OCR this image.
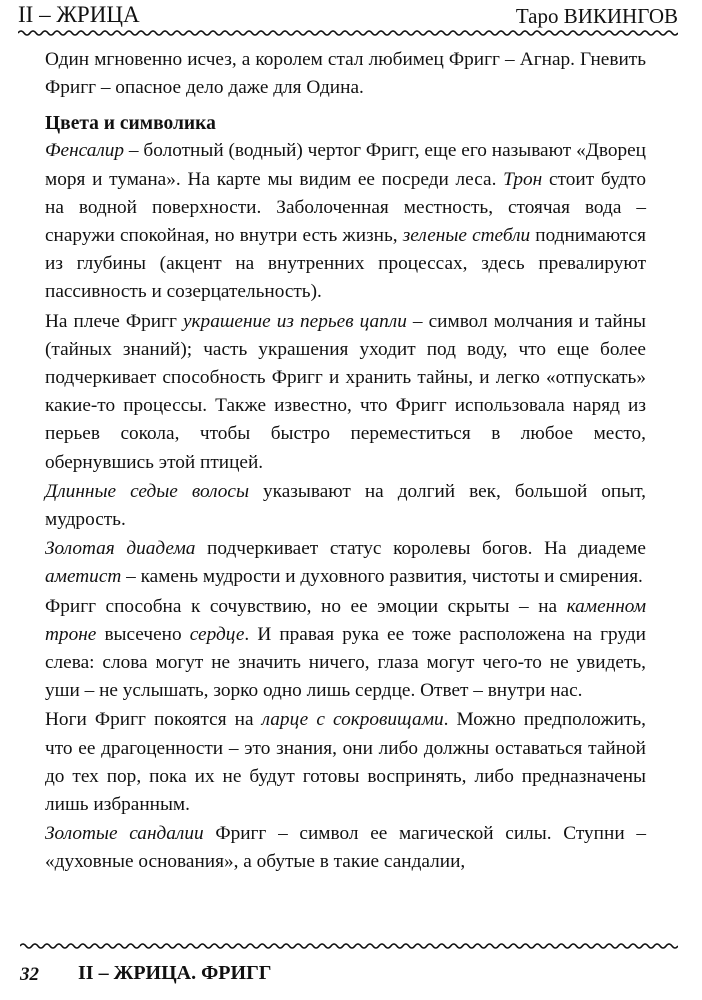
II – ЖРИЦА	Таро ВИКИНГОВ

Один мгновенно исчез, а королем стал любимец Фригг – Агнар. Гневить Фригг – опасное дело даже для Одина.

Цвета и символика

Фенсалир – болотный (водный) чертог Фригг, еще его называют «Дворец моря и тумана». На карте мы видим ее посреди леса. Трон стоит будто на водной поверхности. Заболоченная местность, стоячая вода – снаружи спокойная, но внутри есть жизнь, зеленые стебли поднимаются из глубины (акцент на внутренних процессах, здесь превалируют пассивность и созерцательность).

На плече Фригг украшение из перьев цапли – символ молчания и тайны (тайных знаний); часть украшения уходит под воду, что еще более подчеркивает способность Фригг и хранить тайны, и легко «отпускать» какие-то процессы. Также известно, что Фригг использовала наряд из перьев сокола, чтобы быстро переместиться в любое место, обернувшись этой птицей.

Длинные седые волосы указывают на долгий век, большой опыт, мудрость.

Золотая диадема подчеркивает статус королевы богов. На диадеме аметист – камень мудрости и духовного развития, чистоты и смирения.

Фригг способна к сочувствию, но ее эмоции скрыты – на каменном троне высечено сердце. И правая рука ее тоже расположена на груди слева: слова могут не значить ничего, глаза могут чего-то не увидеть, уши – не услышать, зорко одно лишь сердце. Ответ – внутри нас.

Ноги Фригг покоятся на ларце с сокровищами. Можно предположить, что ее драгоценности – это знания, они либо должны оставаться тайной до тех пор, пока их не будут готовы воспринять, либо предназначены лишь избранным.

Золотые сандалии Фригг – символ ее магической силы. Ступни – «духовные основания», а обутые в такие сандалии,

32 II – ЖРИЦА. ФРИГГ
